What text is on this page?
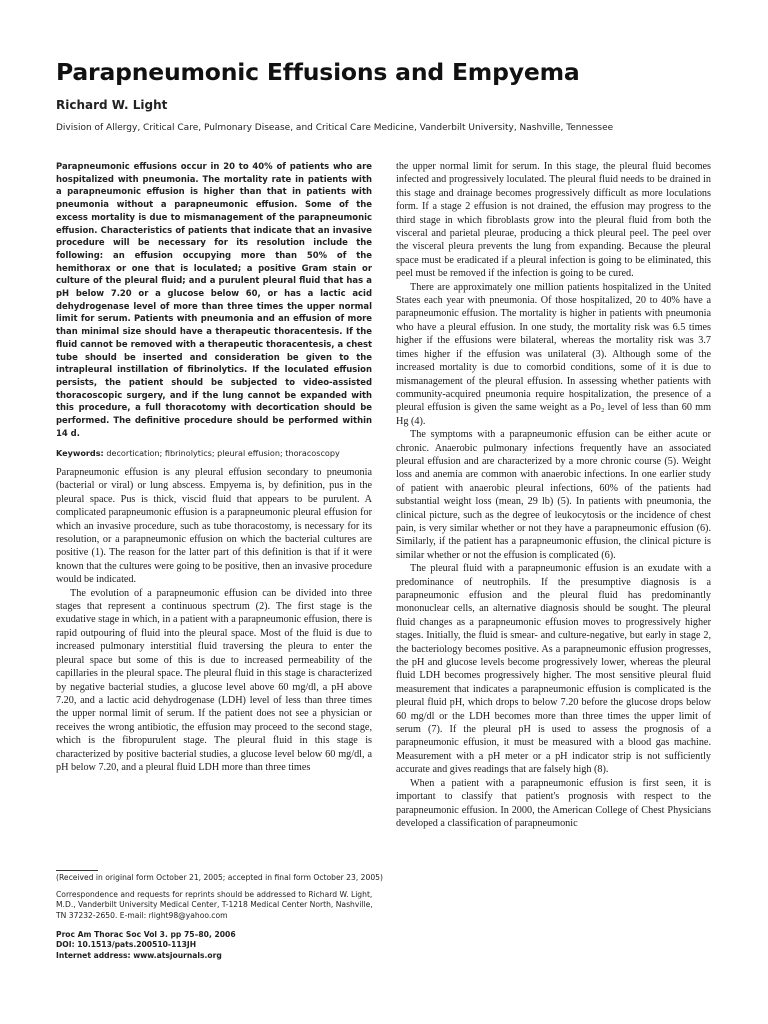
Parapneumonic Effusions and Empyema
Richard W. Light
Division of Allergy, Critical Care, Pulmonary Disease, and Critical Care Medicine, Vanderbilt University, Nashville, Tennessee

Parapneumonic effusions occur in 20 to 40% of patients who are hospitalized with pneumonia. The mortality rate in patients with a parapneumonic effusion is higher than that in patients with pneumonia without a parapneumonic effusion. Some of the excess mortality is due to mismanagement of the parapneumonic effusion. Characteristics of patients that indicate that an invasive procedure will be necessary for its resolution include the following: an effusion occupying more than 50% of the hemithorax or one that is loculated; a positive Gram stain or culture of the pleural fluid; and a purulent pleural fluid that has a pH below 7.20 or a glucose below 60, or has a lactic acid dehydrogenase level of more than three times the upper normal limit for serum. Patients with pneumonia and an effusion of more than minimal size should have a therapeutic thoracentesis. If the fluid cannot be removed with a therapeutic thoracentesis, a chest tube should be inserted and consideration be given to the intrapleural instillation of fibrinolytics. If the loculated effusion persists, the patient should be subjected to video-assisted thoracoscopic surgery, and if the lung cannot be expanded with this procedure, a full thoracotomy with decortication should be performed. The definitive procedure should be performed within 14 d.

Keywords: decortication; fibrinolytics; pleural effusion; thoracoscopy

Parapneumonic effusion is any pleural effusion secondary to pneumonia (bacterial or viral) or lung abscess. Empyema is, by definition, pus in the pleural space. Pus is thick, viscid fluid that appears to be purulent. A complicated parapneumonic effusion is a parapneumonic pleural effusion for which an invasive procedure, such as tube thoracostomy, is necessary for its resolution, or a parapneumonic effusion on which the bacterial cultures are positive (1). The reason for the latter part of this definition is that if it were known that the cultures were going to be positive, then an invasive procedure would be indicated.

The evolution of a parapneumonic effusion can be divided into three stages that represent a continuous spectrum (2). The first stage is the exudative stage in which, in a patient with a parapneumonic effusion, there is rapid outpouring of fluid into the pleural space. Most of the fluid is due to increased pulmonary interstitial fluid traversing the pleura to enter the pleural space but some of this is due to increased permeability of the capillaries in the pleural space. The pleural fluid in this stage is characterized by negative bacterial studies, a glucose level above 60 mg/dl, a pH above 7.20, and a lactic acid dehydrogenase (LDH) level of less than three times the upper normal limit of serum. If the patient does not see a physician or receives the wrong antibiotic, the effusion may proceed to the second stage, which is the fibropurulent stage. The pleural fluid in this stage is characterized by positive bacterial studies, a glucose level below 60 mg/dl, a pH below 7.20, and a pleural fluid LDH more than three times

the upper normal limit for serum. In this stage, the pleural fluid becomes infected and progressively loculated. The pleural fluid needs to be drained in this stage and drainage becomes progressively difficult as more loculations form. If a stage 2 effusion is not drained, the effusion may progress to the third stage in which fibroblasts grow into the pleural fluid from both the visceral and parietal pleurae, producing a thick pleural peel. The peel over the visceral pleura prevents the lung from expanding. Because the pleural space must be eradicated if a pleural infection is going to be eliminated, this peel must be removed if the infection is going to be cured.

There are approximately one million patients hospitalized in the United States each year with pneumonia. Of those hospitalized, 20 to 40% have a parapneumonic effusion. The mortality is higher in patients with pneumonia who have a pleural effusion. In one study, the mortality risk was 6.5 times higher if the effusions were bilateral, whereas the mortality risk was 3.7 times higher if the effusion was unilateral (3). Although some of the increased mortality is due to comorbid conditions, some of it is due to mismanagement of the pleural effusion. In assessing whether patients with community-acquired pneumonia require hospitalization, the presence of a pleural effusion is given the same weight as a Po₂ level of less than 60 mm Hg (4).

The symptoms with a parapneumonic effusion can be either acute or chronic. Anaerobic pulmonary infections frequently have an associated pleural effusion and are characterized by a more chronic course (5). Weight loss and anemia are common with anaerobic infections. In one earlier study of patient with anaerobic pleural infections, 60% of the patients had substantial weight loss (mean, 29 lb) (5). In patients with pneumonia, the clinical picture, such as the degree of leukocytosis or the incidence of chest pain, is very similar whether or not they have a parapneumonic effusion (6). Similarly, if the patient has a parapneumonic effusion, the clinical picture is similar whether or not the effusion is complicated (6).

The pleural fluid with a parapneumonic effusion is an exudate with a predominance of neutrophils. If the presumptive diagnosis is a parapneumonic effusion and the pleural fluid has predominantly mononuclear cells, an alternative diagnosis should be sought. The pleural fluid changes as a parapneumonic effusion moves to progressively higher stages. Initially, the fluid is smear- and culture-negative, but early in stage 2, the bacteriology becomes positive. As a parapneumonic effusion progresses, the pH and glucose levels become progressively lower, whereas the pleural fluid LDH becomes progressively higher. The most sensitive pleural fluid measurement that indicates a parapneumonic effusion is complicated is the pleural fluid pH, which drops to below 7.20 before the glucose drops below 60 mg/dl or the LDH becomes more than three times the upper limit of serum (7). If the pleural pH is used to assess the prognosis of a parapneumonic effusion, it must be measured with a blood gas machine. Measurement with a pH meter or a pH indicator strip is not sufficiently accurate and gives readings that are falsely high (8).

When a patient with a parapneumonic effusion is first seen, it is important to classify that patient's prognosis with respect to the parapneumonic effusion. In 2000, the American College of Chest Physicians developed a classification of parapneumonic

(Received in original form October 21, 2005; accepted in final form October 23, 2005)
Correspondence and requests for reprints should be addressed to Richard W. Light, M.D., Vanderbilt University Medical Center, T-1218 Medical Center North, Nashville, TN 37232-2650. E-mail: rlight98@yahoo.com
Proc Am Thorac Soc Vol 3. pp 75–80, 2006
DOI: 10.1513/pats.200510-113JH
Internet address: www.atsjournals.org
